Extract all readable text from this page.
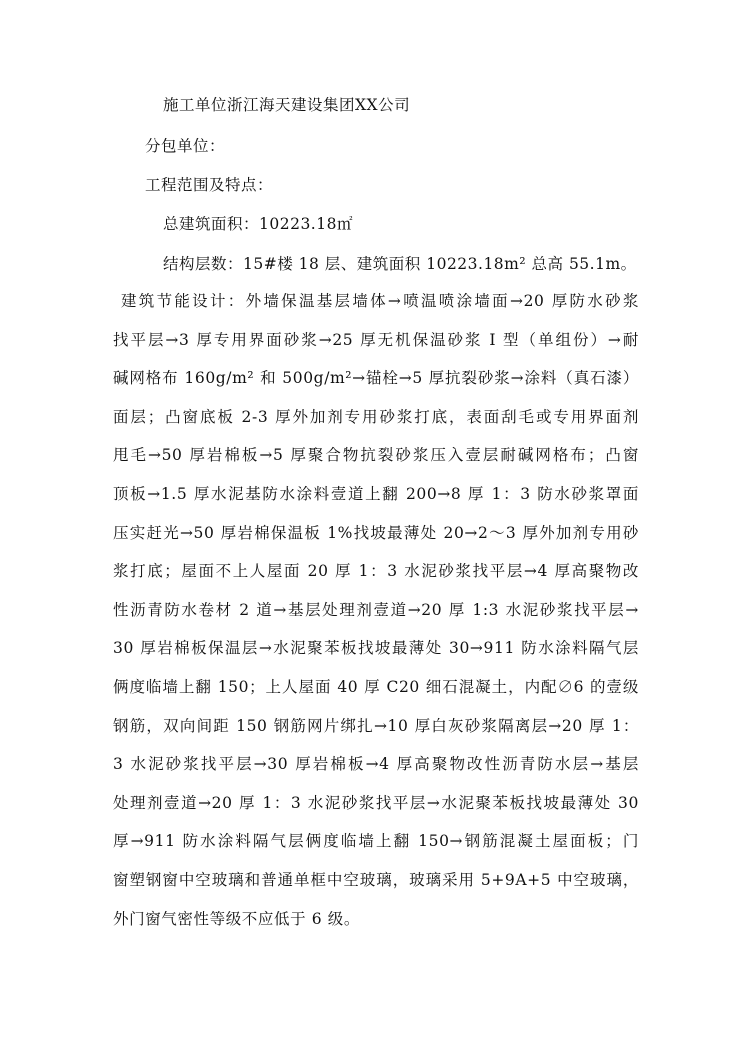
施工单位浙江海天建设集团XX公司
分包单位：
工程范围及特点：
总建筑面积：10223.18㎡
结构层数：15#楼 18 层、建筑面积 10223.18m² 总高 55.1m。
建筑节能设计：外墙保温基层墙体→喷温喷涂墙面→20 厚防水砂浆
找平层→3 厚专用界面砂浆→25 厚无机保温砂浆 I 型（单组份）→耐
碱网格布 160g/m² 和 500g/m²→锚栓→5 厚抗裂砂浆→涂料（真石漆）
面层；凸窗底板 2-3 厚外加剂专用砂浆打底，表面刮毛或专用界面剂
甩毛→50 厚岩棉板→5 厚聚合物抗裂砂浆压入壹层耐碱网格布；凸窗
顶板→1.5 厚水泥基防水涂料壹道上翻 200→8 厚 1：3 防水砂浆罩面
压实赶光→50 厚岩棉保温板 1%找坡最薄处 20→2～3 厚外加剂专用砂
浆打底；屋面不上人屋面 20 厚 1：3 水泥砂浆找平层→4 厚高聚物改
性沥青防水卷材 2 道→基层处理剂壹道→20 厚 1:3 水泥砂浆找平层→
30 厚岩棉板保温层→水泥聚苯板找坡最薄处 30→911 防水涂料隔气层
俩度临墙上翻 150；上人屋面 40 厚 C20 细石混凝土，内配∅6 的壹级
钢筋，双向间距 150 钢筋网片绑扎→10 厚白灰砂浆隔离层→20 厚 1：
3 水泥砂浆找平层→30 厚岩棉板→4 厚高聚物改性沥青防水层→基层
处理剂壹道→20 厚 1：3 水泥砂浆找平层→水泥聚苯板找坡最薄处 30
厚→911 防水涂料隔气层俩度临墙上翻 150→钢筋混凝土屋面板；门
窗塑钢窗中空玻璃和普通单框中空玻璃，玻璃采用 5+9A+5 中空玻璃，
外门窗气密性等级不应低于 6 级。
